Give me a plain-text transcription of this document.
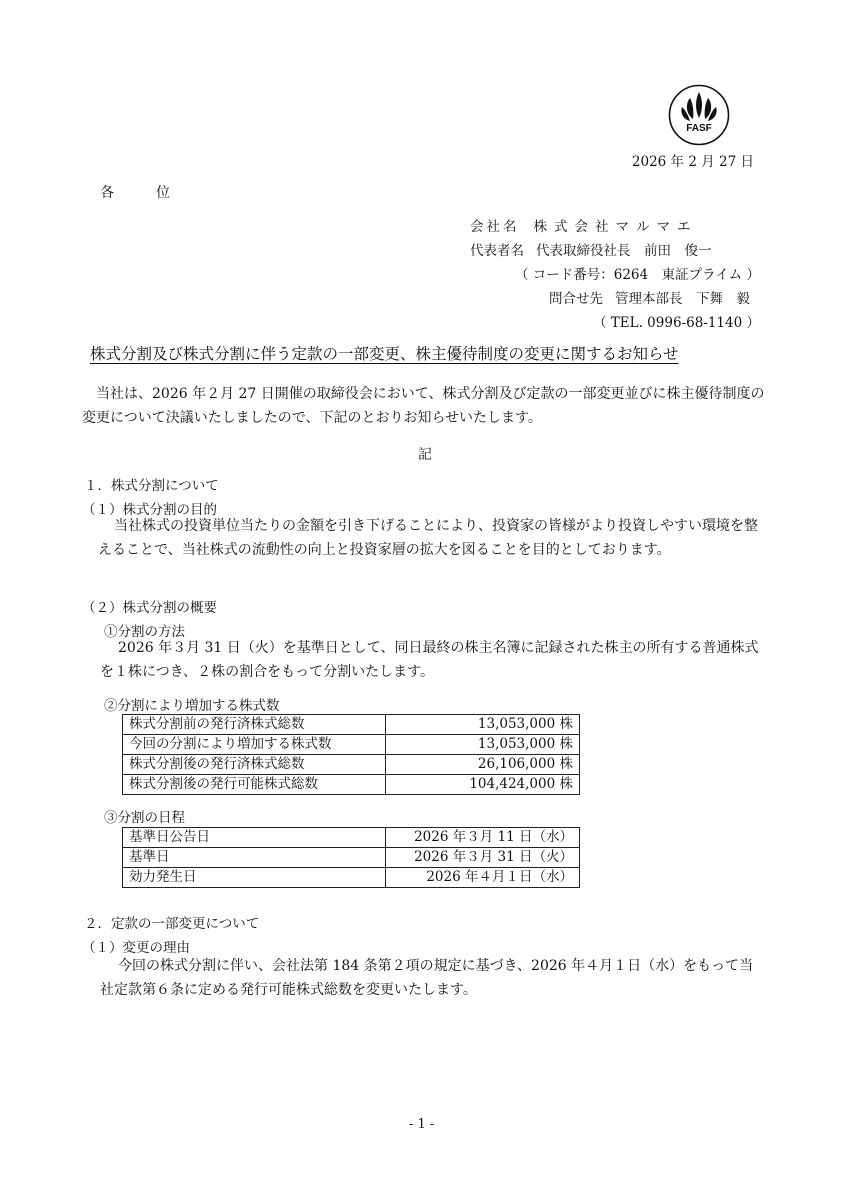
FASF
2026 年 2 月 27 日
各　位
会社名 株式会社マルマエ
代表者名 代表取締役社長　前田　俊一
（ コード番号：6264　東証プライム ）
問合せ先 管理本部長　下舞　毅
（ TEL. 0996-68-1140 ）
株式分割及び株式分割に伴う定款の一部変更、株主優待制度の変更に関するお知らせ
当社は、2026 年２月 27 日開催の取締役会において、株式分割及び定款の一部変更並びに株主優待制度の変更について決議いたしましたので、下記のとおりお知らせいたします。
記
１．株式分割について
（１）株式分割の目的
当社株式の投資単位当たりの金額を引き下げることにより、投資家の皆様がより投資しやすい環境を整えることで、当社株式の流動性の向上と投資家層の拡大を図ることを目的としております。
（２）株式分割の概要
①分割の方法
2026 年３月 31 日（火）を基準日として、同日最終の株主名簿に記録された株主の所有する普通株式を１株につき、２株の割合をもって分割いたします。
②分割により増加する株式数
株式分割前の発行済株式総数	13,053,000 株
今回の分割により増加する株式数	13,053,000 株
株式分割後の発行済株式総数	26,106,000 株
株式分割後の発行可能株式総数	104,424,000 株
③分割の日程
基準日公告日	2026 年３月 11 日（水）
基準日	2026 年３月 31 日（火）
効力発生日	2026 年４月１日（水）
２．定款の一部変更について
（１）変更の理由
今回の株式分割に伴い、会社法第 184 条第２項の規定に基づき、2026 年４月１日（水）をもって当社定款第６条に定める発行可能株式総数を変更いたします。
- 1 -
